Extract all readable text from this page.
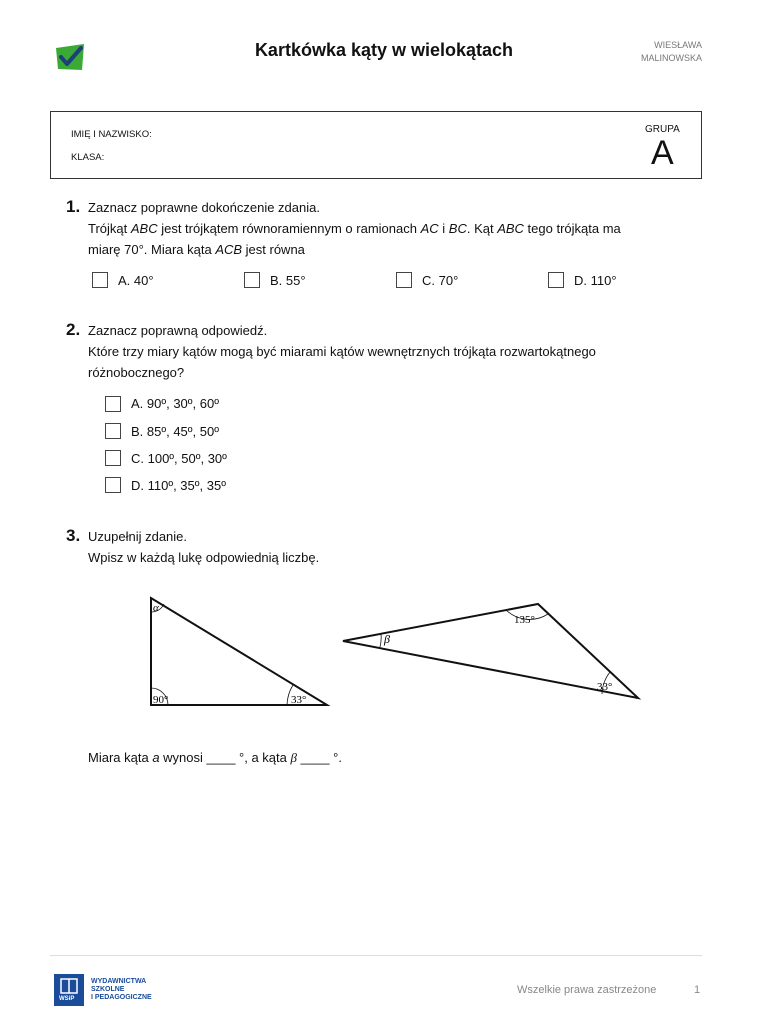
Kartkówka kąty w wielokątach	WIESŁAWA
MALINOWSKA
IMIĘ I NAZWISKO:
KLASA:
GRUPA
A
1. Zaznacz poprawne dokończenie zdania.
Trójkąt ABC jest trójkątem równoramiennym o ramionach AC i BC. Kąt ABC tego trójkąta ma
miarę 70°. Miara kąta ACB jest równa
A. 40°	B. 55°	C. 70°	D. 110°
2. Zaznacz poprawną odpowiedź.
Które trzy miary kątów mogą być miarami kątów wewnętrznych trójkąta rozwartokątnego
różnobocznego?
A. 90º, 30º, 60º
B. 85º, 45º, 50º
C. 100º, 50º, 30º
D. 110º, 35º, 35º
3. Uzupełnij zdanie.
Wpisz w każdą lukę odpowiednią liczbę.
α
90°	33°
β
135°
33°
Miara kąta a wynosi ____ °, a kąta β ____ °.
WSiP
WYDAWNICTWA
SZKOLNE
I PEDAGOGICZNE
Wszelkie prawa zastrzeżone	1
